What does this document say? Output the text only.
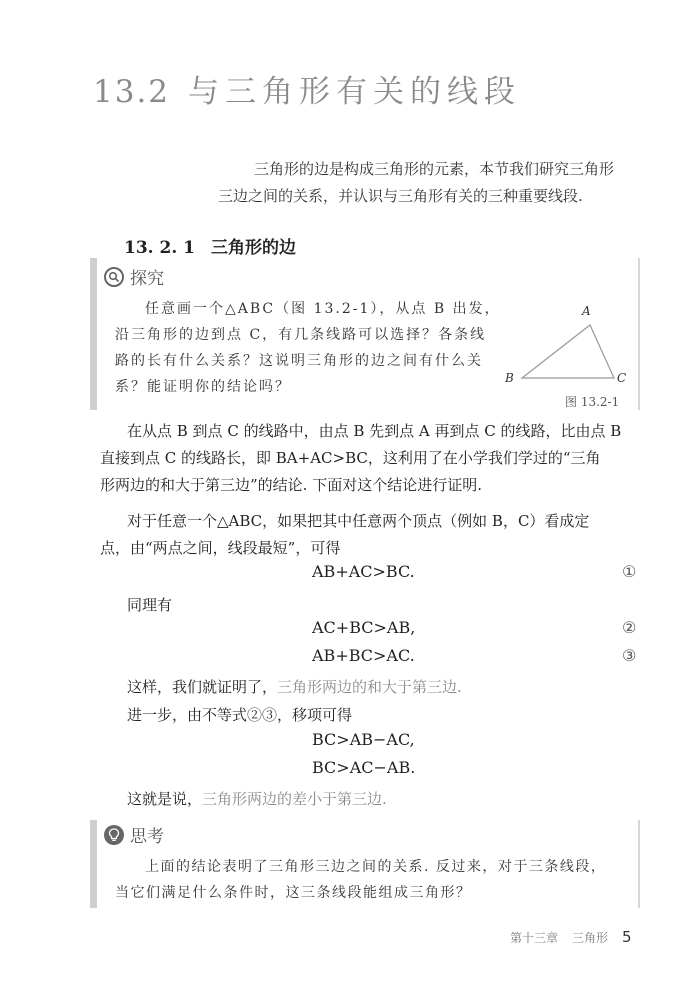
13.2 与三角形有关的线段

三角形的边是构成三角形的元素，本节我们研究三角形

三边之间的关系，并认识与三角形有关的三种重要线段.

13. 2. 1 三角形的边
探究

任意画一个△ABC（图 13.2-1），从点 B 出发，

沿三角形的边到点 C，有几条线路可以选择？各条线

路的长有什么关系？这说明三角形的边之间有什么关

系？能证明你的结论吗？

A
B	C
图 13.2-1

在从点 B 到点 C 的线路中，由点 B 先到点 A 再到点 C 的线路，比由点 B

直接到点 C 的线路长，即 BA+AC>BC，这利用了在小学我们学过的“三角

形两边的和大于第三边”的结论. 下面对这个结论进行证明.

对于任意一个△ABC，如果把其中任意两个顶点（例如 B，C）看成定

点，由“两点之间，线段最短”，可得

AB+AC>BC.	①

同理有

AC+BC>AB,	②
AB+BC>AC.	③

这样，我们就证明了，三角形两边的和大于第三边.

进一步，由不等式②③，移项可得

BC>AB−AC,
BC>AC−AB.

这就是说，三角形两边的差小于第三边.

思考

上面的结论表明了三角形三边之间的关系. 反过来，对于三条线段，

当它们满足什么条件时，这三条线段能组成三角形？

第十三章 三角形 5
